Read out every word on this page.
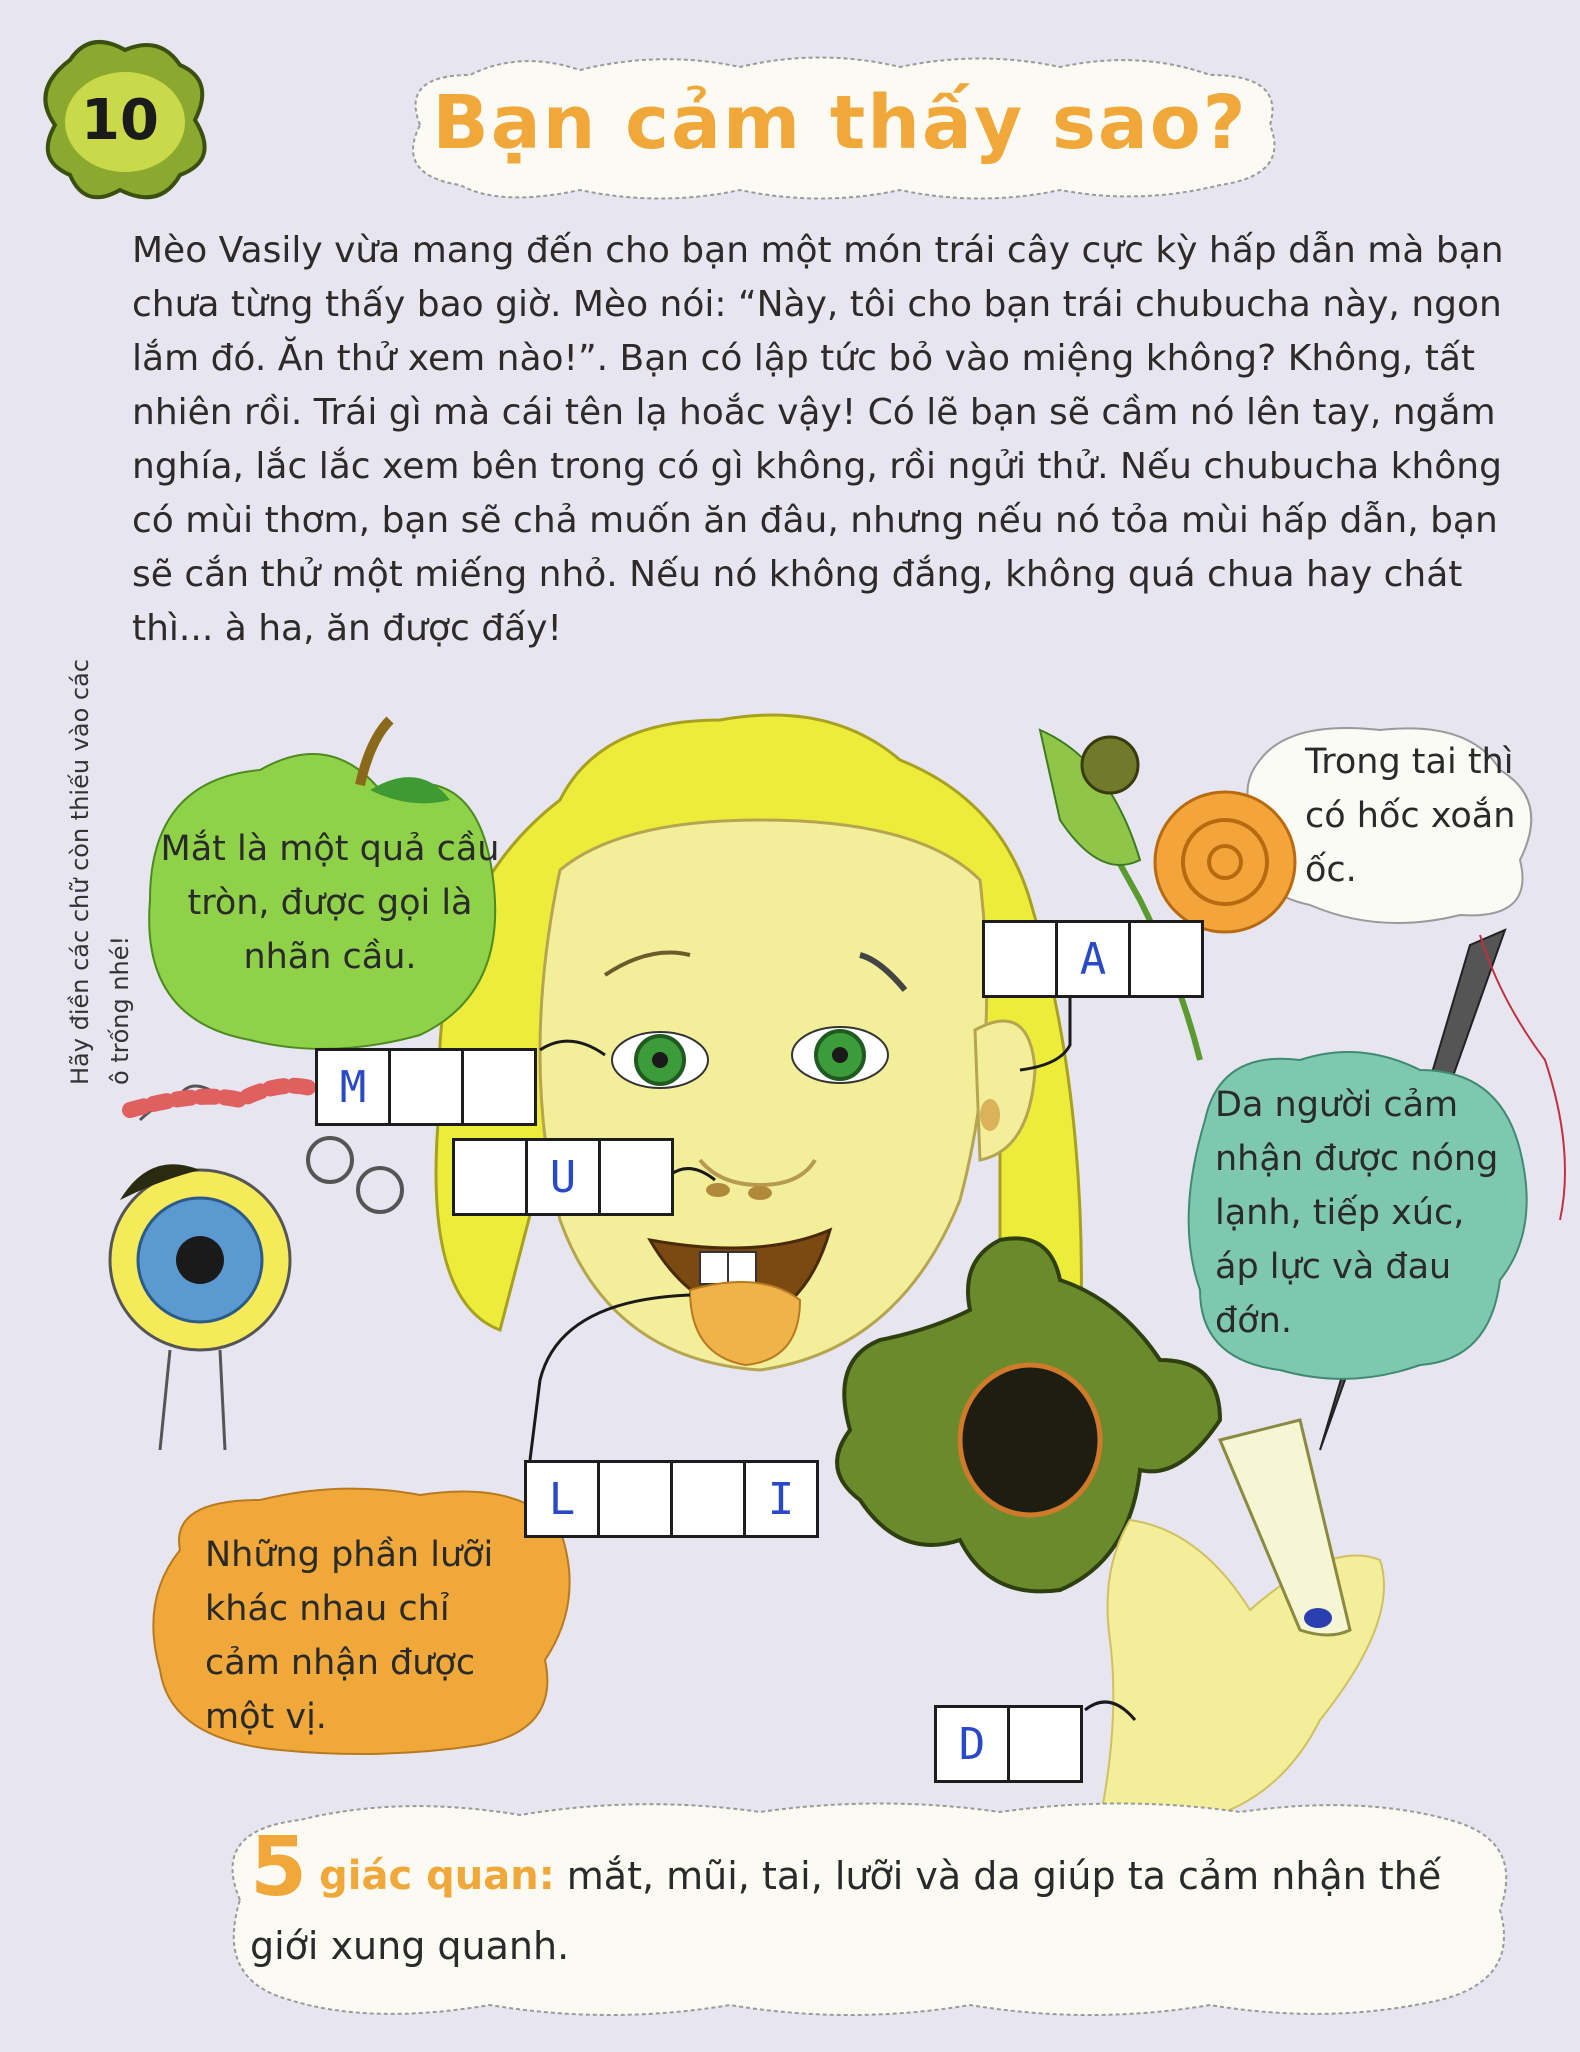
10	Bạn cảm thấy sao?

Mèo Vasily vừa mang đến cho bạn một món trái cây cực kỳ hấp dẫn mà bạn chưa từng thấy bao giờ. Mèo nói: “Này, tôi cho bạn trái chubucha này, ngon lắm đó. Ăn thử xem nào!”. Bạn có lập tức bỏ vào miệng không? Không, tất nhiên rồi. Trái gì mà cái tên lạ hoắc vậy! Có lẽ bạn sẽ cầm nó lên tay, ngắm nghía, lắc lắc xem bên trong có gì không, rồi ngửi thử. Nếu chubucha không có mùi thơm, bạn sẽ chả muốn ăn đâu, nhưng nếu nó tỏa mùi hấp dẫn, bạn sẽ cắn thử một miếng nhỏ. Nếu nó không đắng, không quá chua hay chát thì... à ha, ăn được đấy!

Hãy điền các chữ còn thiếu vào các ô trống nhé!
Mắt là một quả cầu tròn, được gọi là nhãn cầu.
Trong tai thì có hốc xoắn ốc.
Da người cảm nhận được nóng lạnh, tiếp xúc, áp lực và đau đớn.
Những phần lưỡi khác nhau chỉ cảm nhận được một vị.
M
U
A
L	I
D
5 giác quan: mắt, mũi, tai, lưỡi và da giúp ta cảm nhận thế giới xung quanh.
